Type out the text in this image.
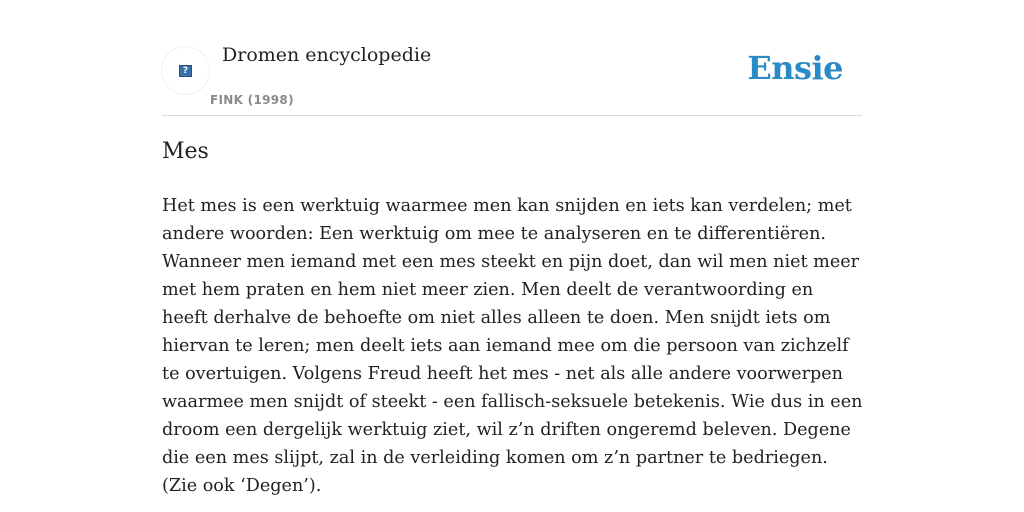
?
Dromen encyclopedie
FINK (1998)
Ensie
Mes

Het mes is een werktuig waarmee men kan snijden en iets kan verdelen; met andere woorden: Een werktuig om mee te analyseren en te differentiëren. Wanneer men iemand met een mes steekt en pijn doet, dan wil men niet meer met hem praten en hem niet meer zien. Men deelt de verantwoording en heeft derhalve de behoefte om niet alles alleen te doen. Men snijdt iets om hiervan te leren; men deelt iets aan iemand mee om die persoon van zichzelf te overtuigen. Volgens Freud heeft het mes - net als alle andere voorwerpen waarmee men snijdt of steekt - een fallisch-seksuele betekenis. Wie dus in een droom een dergelijk werktuig ziet, wil z’n driften ongeremd beleven. Degene die een mes slijpt, zal in de verleiding komen om z’n partner te bedriegen. (Zie ook ‘Degen’).
